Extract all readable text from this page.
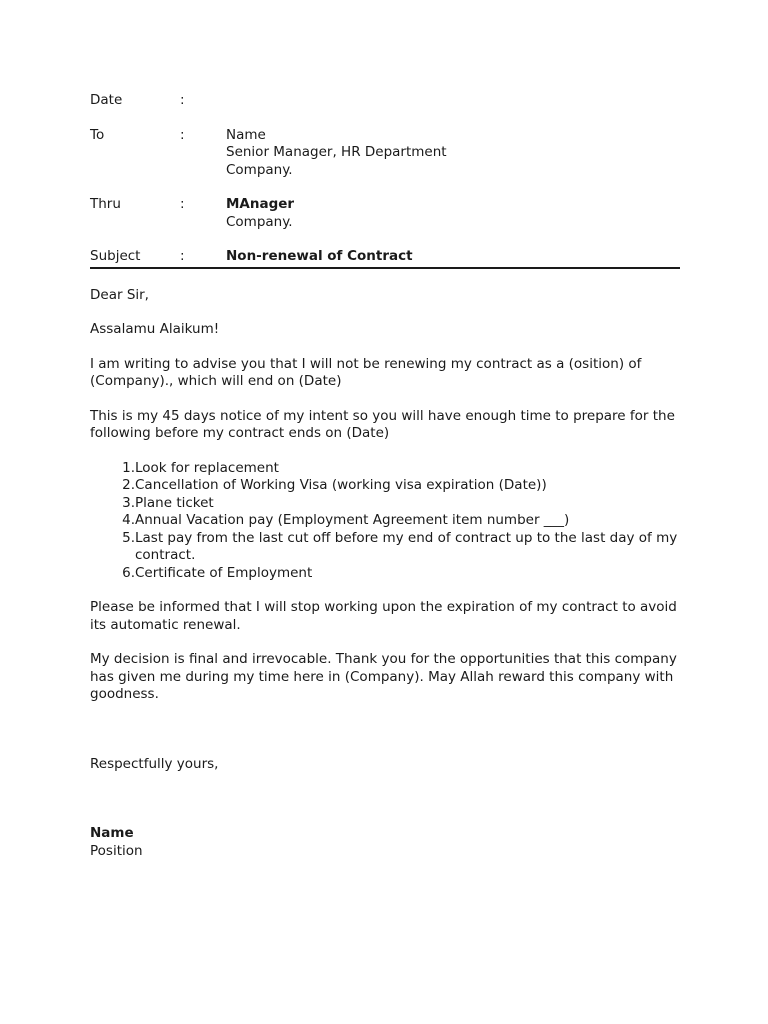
Date	:
To	:	Name
Senior Manager, HR Department
Company.
Thru	:	MAnager
Company.
Subject	:	Non-renewal of Contract

Dear Sir,

Assalamu Alaikum!

I am writing to advise you that I will not be renewing my contract as a (osition) of (Company)., which will end on (Date)

This is my 45 days notice of my intent so you will have enough time to prepare for the following before my contract ends on (Date)

1. Look for replacement
2. Cancellation of Working Visa (working visa expiration (Date))
3. Plane ticket
4. Annual Vacation pay (Employment Agreement item number ___)
5. Last pay from the last cut off before my end of contract up to the last day of my contract.
6. Certificate of Employment

Please be informed that I will stop working upon the expiration of my contract to avoid its automatic renewal.

My decision is final and irrevocable. Thank you for the opportunities that this company has given me during my time here in (Company). May Allah reward this company with goodness.

Respectfully yours,

Name
Position
